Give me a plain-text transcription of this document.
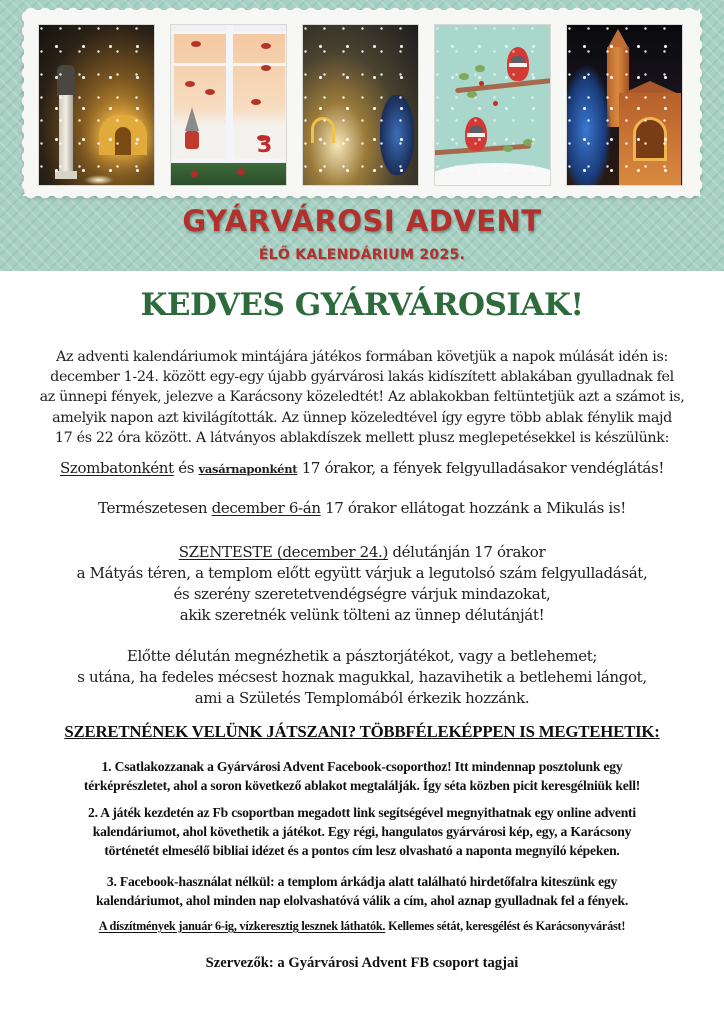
3
GYÁRVÁROSI ADVENT
ÉLŐ KALENDÁRIUM 2025.
KEDVES GYÁRVÁROSIAK!
Az adventi kalendáriumok mintájára játékos formában követjük a napok múlását idén is:
december 1-24. között egy-egy újabb gyárvárosi lakás kidíszített ablakában gyulladnak fel
az ünnepi fények, jelezve a Karácsony közeledtét! Az ablakokban feltüntetjük azt a számot is,
amelyik napon azt kivilágították. Az ünnep közeledtével így egyre több ablak fénylik majd
17 és 22 óra között. A látványos ablakdíszek mellett plusz meglepetésekkel is készülünk:
Szombatonként és vasárnaponként 17 órakor, a fények felgyulladásakor vendéglátás!
Természetesen december 6-án 17 órakor ellátogat hozzánk a Mikulás is!
SZENTESTE (december 24.) délutánján 17 órakor
a Mátyás téren, a templom előtt együtt várjuk a legutolsó szám felgyulladását,
és szerény szeretetvendégségre várjuk mindazokat,
akik szeretnék velünk tölteni az ünnep délutánját!
Előtte délután megnézhetik a pásztorjátékot, vagy a betlehemet;
s utána, ha fedeles mécsest hoznak magukkal, hazavihetik a betlehemi lángot,
ami a Születés Templomából érkezik hozzánk.
SZERETNÉNEK VELÜNK JÁTSZANI? TÖBBFÉLEKÉPPEN IS MEGTEHETIK:
1. Csatlakozzanak a Gyárvárosi Advent Facebook-csoporthoz! Itt mindennap posztolunk egy
térképrészletet, ahol a soron következő ablakot megtalálják. Így séta közben picit keresgélniük kell!
2. A játék kezdetén az Fb csoportban megadott link segítségével megnyithatnak egy online adventi
kalendáriumot, ahol követhetik a játékot. Egy régi, hangulatos gyárvárosi kép, egy, a Karácsony
történetét elmesélő bibliai idézet és a pontos cím lesz olvasható a naponta megnyíló képeken.
3. Facebook-használat nélkül: a templom árkádja alatt található hirdetőfalra kiteszünk egy
kalendáriumot, ahol minden nap elolvashatóvá válik a cím, ahol aznap gyulladnak fel a fények.
A díszítmények január 6-ig, vízkeresztig lesznek láthatók. Kellemes sétát, keresgélést és Karácsonyvárást!
Szervezők: a Gyárvárosi Advent FB csoport tagjai
